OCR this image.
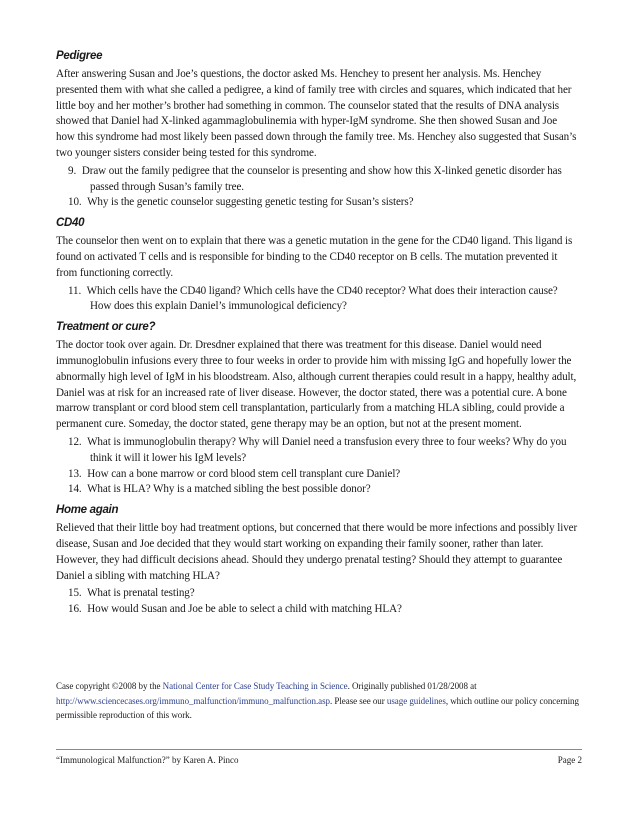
Pedigree

After answering Susan and Joe’s questions, the doctor asked Ms. Henchey to present her analysis. Ms. Henchey presented them with what she called a pedigree, a kind of family tree with circles and squares, which indicated that her little boy and her mother’s brother had something in common. The counselor stated that the results of DNA analysis showed that Daniel had X-linked agammaglobulinemia with hyper-IgM syndrome. She then showed Susan and Joe how this syndrome had most likely been passed down through the family tree. Ms. Henchey also suggested that Susan’s two younger sisters consider being tested for this syndrome.

9. Draw out the family pedigree that the counselor is presenting and show how this X-linked genetic disorder has passed through Susan’s family tree.
10. Why is the genetic counselor suggesting genetic testing for Susan’s sisters?
CD40

The counselor then went on to explain that there was a genetic mutation in the gene for the CD40 ligand. This ligand is found on activated T cells and is responsible for binding to the CD40 receptor on B cells. The mutation prevented it from functioning correctly.

11. Which cells have the CD40 ligand? Which cells have the CD40 receptor? What does their interaction cause? How does this explain Daniel’s immunological deficiency?
Treatment or cure?

The doctor took over again. Dr. Dresdner explained that there was treatment for this disease. Daniel would need immunoglobulin infusions every three to four weeks in order to provide him with missing IgG and hopefully lower the abnormally high level of IgM in his bloodstream. Also, although current therapies could result in a happy, healthy adult, Daniel was at risk for an increased rate of liver disease. However, the doctor stated, there was a potential cure. A bone marrow transplant or cord blood stem cell transplantation, particularly from a matching HLA sibling, could provide a permanent cure. Someday, the doctor stated, gene therapy may be an option, but not at the present moment.

12. What is immunoglobulin therapy? Why will Daniel need a transfusion every three to four weeks? Why do you think it will it lower his IgM levels?
13. How can a bone marrow or cord blood stem cell transplant cure Daniel?
14. What is HLA? Why is a matched sibling the best possible donor?
Home again

Relieved that their little boy had treatment options, but concerned that there would be more infections and possibly liver disease, Susan and Joe decided that they would start working on expanding their family sooner, rather than later. However, they had difficult decisions ahead. Should they undergo prenatal testing? Should they attempt to guarantee Daniel a sibling with matching HLA?

15. What is prenatal testing?
16. How would Susan and Joe be able to select a child with matching HLA?
Case copyright ©2008 by the National Center for Case Study Teaching in Science. Originally published 01/28/2008 at http://www.sciencecases.org/immuno_malfunction/immuno_malfunction.asp. Please see our usage guidelines, which outline our policy concerning permissible reproduction of this work.
“Immunological Malfunction?” by Karen A. Pinco	Page 2
